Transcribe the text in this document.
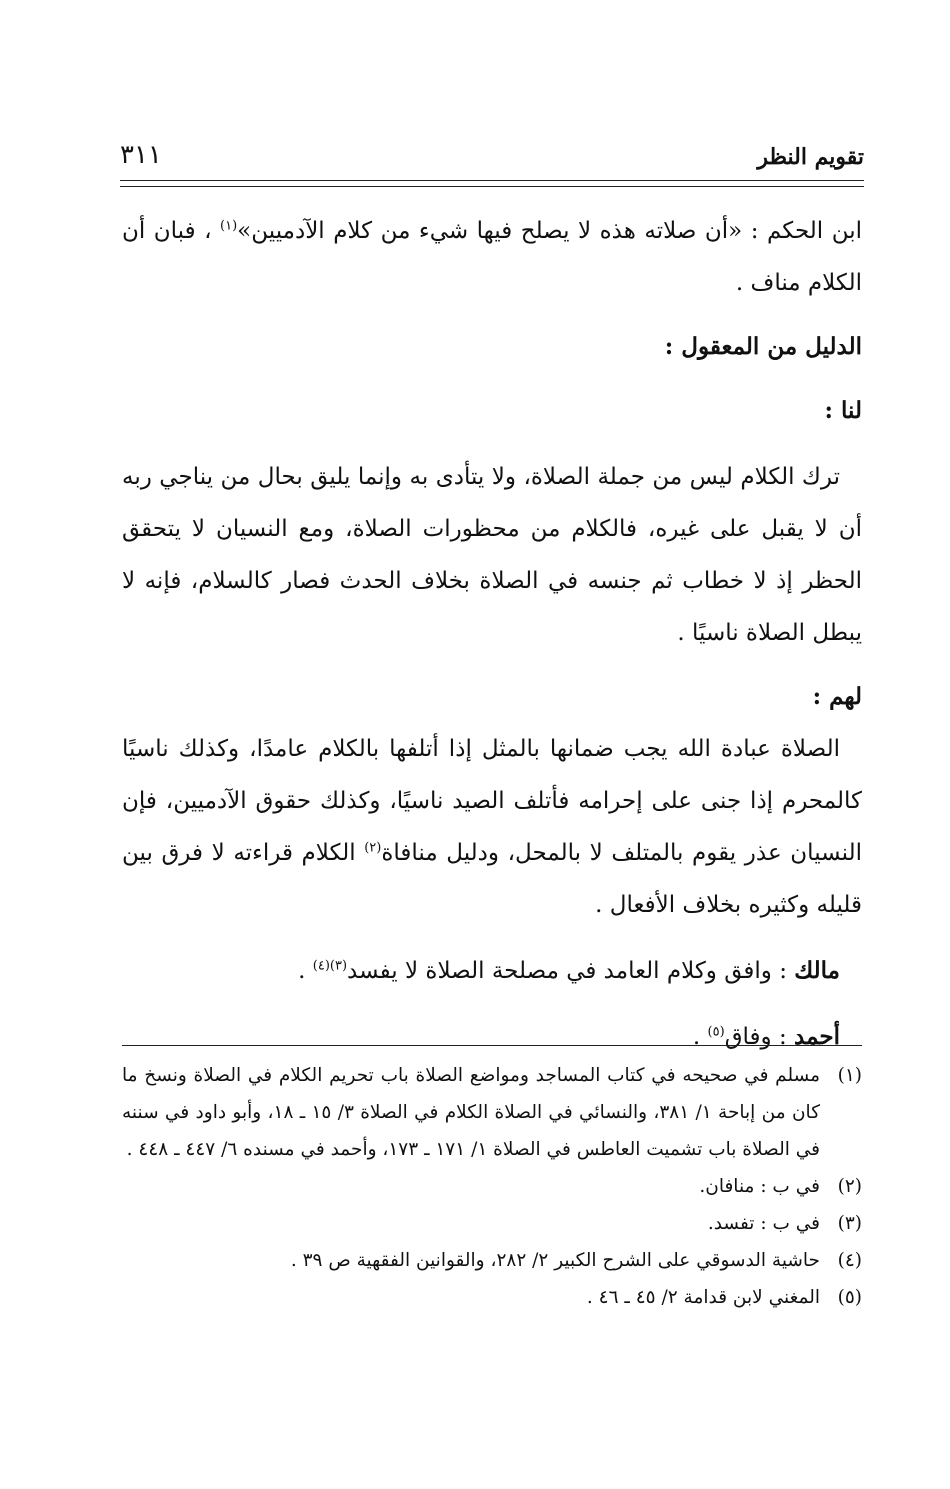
تقويم النظر
٣١١

ابن الحكم : «أن صلاته هذه لا يصلح فيها شيء من كلام الآدميين»$^{(١)}$ ، فبان أن الكلام مناف .

الدليل من المعقول :

لنا :

ترك الكلام ليس من جملة الصلاة، ولا يتأدى به وإنما يليق بحال من يناجي ربه أن لا يقبل على غيره، فالكلام من محظورات الصلاة، ومع النسيان لا يتحقق الحظر إذ لا خطاب ثم جنسه في الصلاة بخلاف الحدث فصار كالسلام، فإنه لا يبطل الصلاة ناسيًا .

لهم :

الصلاة عبادة الله يجب ضمانها بالمثل إذا أتلفها بالكلام عامدًا، وكذلك ناسيًا كالمحرم إذا جنى على إحرامه فأتلف الصيد ناسيًا، وكذلك حقوق الآدميين، فإن النسيان عذر يقوم بالمتلف لا بالمحل، ودليل منافاة$^{(٢)}$ الكلام قراءته لا فرق بين قليله وكثيره بخلاف الأفعال .

مالك : وافق وكلام العامد في مصلحة الصلاة لا يفسد$^{(٣)(٤)}$ .

أحمد : وفاق$^{(٥)}$ .

(١)
مسلم في صحيحه في كتاب المساجد ومواضع الصلاة باب تحريم الكلام في الصلاة ونسخ ما كان من إباحة ١/ ٣٨١، والنسائي في الصلاة الكلام في الصلاة ٣/ ١٥ ـ ١٨، وأبو داود في سننه في الصلاة باب تشميت العاطس في الصلاة ١/ ١٧١ ـ ١٧٣، وأحمد في مسنده ٦/ ٤٤٧ ـ ٤٤٨ .
(٢)
في ب : منافان.
(٣)
في ب : تفسد.
(٤)
حاشية الدسوقي على الشرح الكبير ٢/ ٢٨٢، والقوانين الفقهية ص ٣٩ .
(٥)
المغني لابن قدامة ٢/ ٤٥ ـ ٤٦ .
